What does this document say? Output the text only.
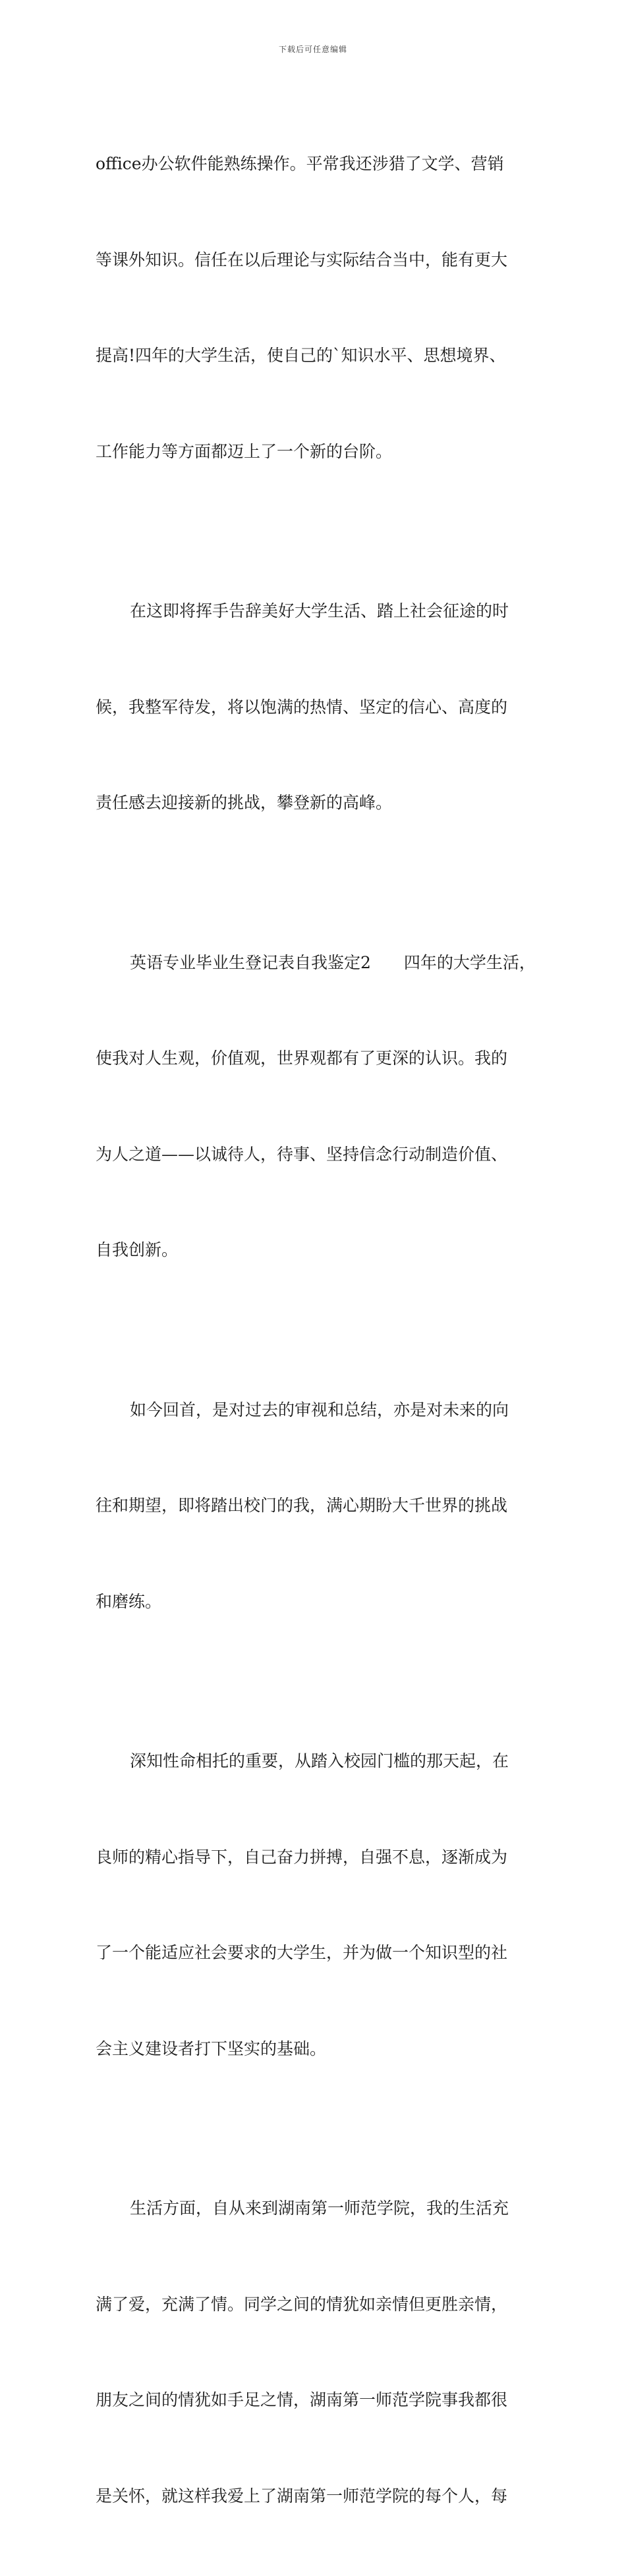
下载后可任意编辑

office办公软件能熟练操作。平常我还涉猎了文学、营销

等课外知识。信任在以后理论与实际结合当中，能有更大

提高!四年的大学生活，使自己的`知识水平、思想境界、

工作能力等方面都迈上了一个新的台阶。

在这即将挥手告辞美好大学生活、踏上社会征途的时

候，我整军待发，将以饱满的热情、坚定的信心、高度的

责任感去迎接新的挑战，攀登新的高峰。

英语专业毕业生登记表自我鉴定2　　四年的大学生活，

使我对人生观，价值观，世界观都有了更深的认识。我的

为人之道——以诚待人，待事、坚持信念行动制造价值、

自我创新。

如今回首，是对过去的审视和总结，亦是对未来的向

往和期望，即将踏出校门的我，满心期盼大千世界的挑战

和磨练。

深知性命相托的重要，从踏入校园门槛的那天起，在

良师的精心指导下，自己奋力拼搏，自强不息，逐渐成为

了一个能适应社会要求的大学生，并为做一个知识型的社

会主义建设者打下坚实的基础。

生活方面，自从来到湖南第一师范学院，我的生活充

满了爱，充满了情。同学之间的情犹如亲情但更胜亲情，

朋友之间的情犹如手足之情，湖南第一师范学院事我都很

是关怀，就这样我爱上了湖南第一师范学院的每个人，每
